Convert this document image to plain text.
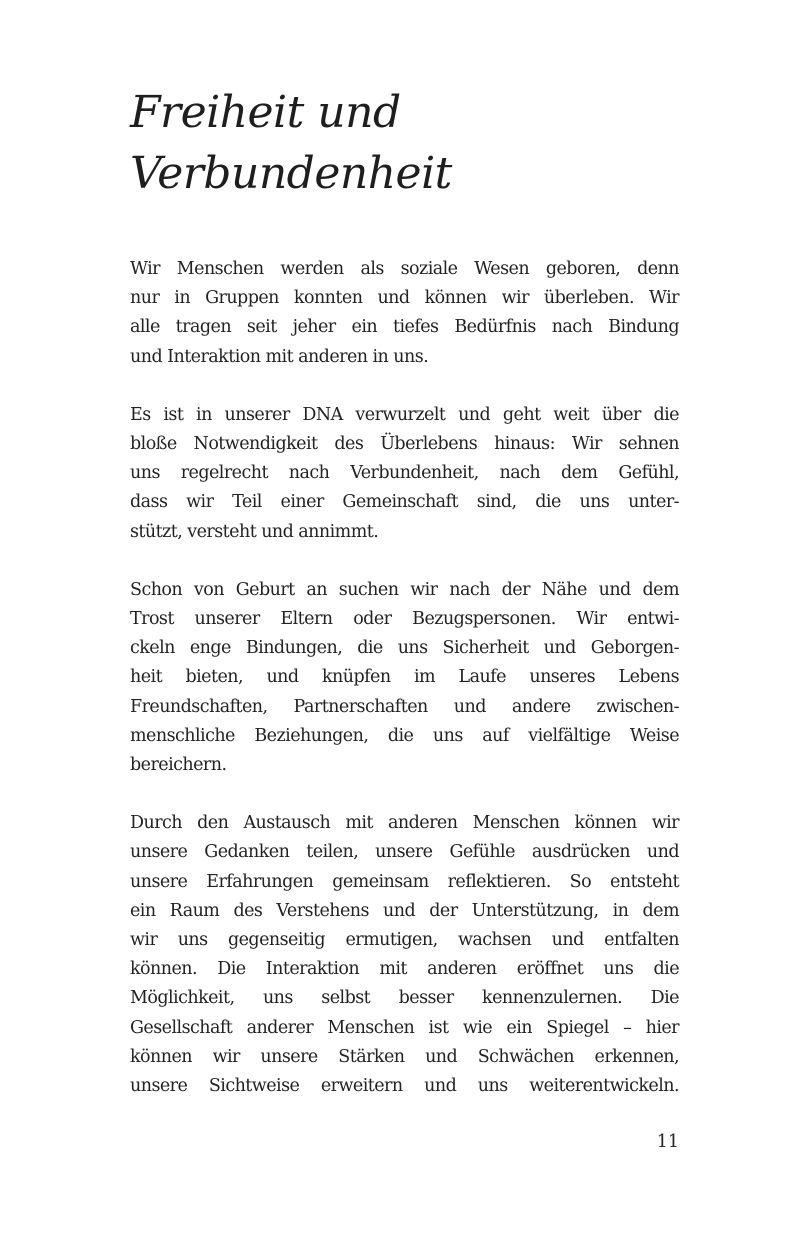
Freiheit und
Verbundenheit

Wir Menschen werden als soziale Wesen geboren, denn
nur in Gruppen konnten und können wir überleben. Wir
alle tragen seit jeher ein tiefes Bedürfnis nach Bindung
und Interaktion mit anderen in uns.

Es ist in unserer DNA verwurzelt und geht weit über die
bloße Notwendigkeit des Überlebens hinaus: Wir sehnen
uns regelrecht nach Verbundenheit, nach dem Gefühl,
dass wir Teil einer Gemeinschaft sind, die uns unter-
stützt, versteht und annimmt.

Schon von Geburt an suchen wir nach der Nähe und dem
Trost unserer Eltern oder Bezugspersonen. Wir entwi-
ckeln enge Bindungen, die uns Sicherheit und Geborgen-
heit bieten, und knüpfen im Laufe unseres Lebens
Freundschaften, Partnerschaften und andere zwischen-
menschliche Beziehungen, die uns auf vielfältige Weise
bereichern.

Durch den Austausch mit anderen Menschen können wir
unsere Gedanken teilen, unsere Gefühle ausdrücken und
unsere Erfahrungen gemeinsam reflektieren. So entsteht
ein Raum des Verstehens und der Unterstützung, in dem
wir uns gegenseitig ermutigen, wachsen und entfalten
können. Die Interaktion mit anderen eröffnet uns die
Möglichkeit, uns selbst besser kennenzulernen. Die
Gesellschaft anderer Menschen ist wie ein Spiegel – hier
können wir unsere Stärken und Schwächen erkennen,
unsere Sichtweise erweitern und uns weiterentwickeln.

11
